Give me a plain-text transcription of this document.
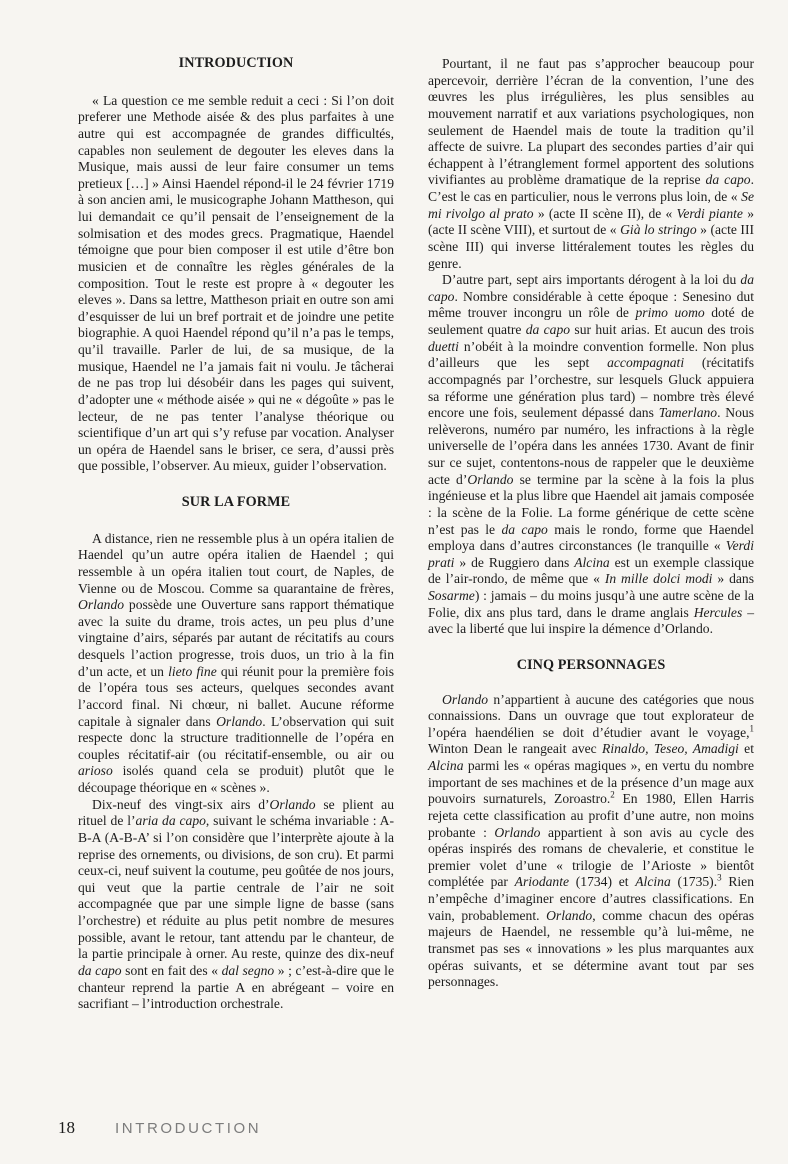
INTRODUCTION

« La question ce me semble reduit a ceci : Si l’on doit preferer une Methode aisée & des plus parfaites à une autre qui est accompagnée de grandes difficultés, capables non seulement de degouter les eleves dans la Musique, mais aussi de leur faire consumer un tems pretieux […] » Ainsi Haendel répond-il le 24 février 1719 à son ancien ami, le musicographe Johann Mattheson, qui lui demandait ce qu’il pensait de l’enseignement de la solmisation et des modes grecs. Pragmatique, Haendel témoigne que pour bien composer il est utile d’être bon musicien et de connaître les règles générales de la composition. Tout le reste est propre à « degouter les eleves ». Dans sa lettre, Mattheson priait en outre son ami d’esquisser de lui un bref portrait et de joindre une petite biographie. A quoi Haendel répond qu’il n’a pas le temps, qu’il travaille. Parler de lui, de sa musique, de la musique, Haendel ne l’a jamais fait ni voulu. Je tâcherai de ne pas trop lui désobéir dans les pages qui suivent, d’adopter une « méthode aisée » qui ne « dégoûte » pas le lecteur, de ne pas tenter l’analyse théorique ou scientifique d’un art qui s’y refuse par vocation. Analyser un opéra de Haendel sans le briser, ce sera, d’aussi près que possible, l’observer. Au mieux, guider l’observation.

SUR LA FORME

A distance, rien ne ressemble plus à un opéra italien de Haendel qu’un autre opéra italien de Haendel ; qui ressemble à un opéra italien tout court, de Naples, de Vienne ou de Moscou. Comme sa quarantaine de frères, Orlando possède une Ouverture sans rapport thématique avec la suite du drame, trois actes, un peu plus d’une vingtaine d’airs, séparés par autant de récitatifs au cours desquels l’action progresse, trois duos, un trio à la fin d’un acte, et un lieto fine qui réunit pour la première fois de l’opéra tous ses acteurs, quelques secondes avant l’accord final. Ni chœur, ni ballet. Aucune réforme capitale à signaler dans Orlando. L’observation qui suit respecte donc la structure traditionnelle de l’opéra en couples récitatif-air (ou récitatif-ensemble, ou air ou arioso isolés quand cela se produit) plutôt que le découpage théorique en « scènes ».

Dix-neuf des vingt-six airs d’Orlando se plient au rituel de l’aria da capo, suivant le schéma invariable : A-B-A (A-B-A’ si l’on considère que l’interprète ajoute à la reprise des ornements, ou divisions, de son cru). Et parmi ceux-ci, neuf suivent la coutume, peu goûtée de nos jours, qui veut que la partie centrale de l’air ne soit accompagnée que par une simple ligne de basse (sans l’orchestre) et réduite au plus petit nombre de mesures possible, avant le retour, tant attendu par le chanteur, de la partie principale à orner. Au reste, quinze des dix-neuf da capo sont en fait des « dal segno » ; c’est-à-dire que le chanteur reprend la partie A en abrégeant – voire en sacrifiant – l’introduction orchestrale.

Pourtant, il ne faut pas s’approcher beaucoup pour apercevoir, derrière l’écran de la convention, l’une des œuvres les plus irrégulières, les plus sensibles au mouvement narratif et aux variations psychologiques, non seulement de Haendel mais de toute la tradition qu’il affecte de suivre. La plupart des secondes parties d’air qui échappent à l’étranglement formel apportent des solutions vivifiantes au problème dramatique de la reprise da capo. C’est le cas en particulier, nous le verrons plus loin, de « Se mi rivolgo al prato » (acte II scène II), de « Verdi piante » (acte II scène VIII), et surtout de « Già lo stringo » (acte III scène III) qui inverse littéralement toutes les règles du genre.

D’autre part, sept airs importants dérogent à la loi du da capo. Nombre considérable à cette époque : Senesino dut même trouver incongru un rôle de primo uomo doté de seulement quatre da capo sur huit arias. Et aucun des trois duetti n’obéit à la moindre convention formelle. Non plus d’ailleurs que les sept accompagnati (récitatifs accompagnés par l’orchestre, sur lesquels Gluck appuiera sa réforme une génération plus tard) – nombre très élevé encore une fois, seulement dépassé dans Tamerlano. Nous relèverons, numéro par numéro, les infractions à la règle universelle de l’opéra dans les années 1730. Avant de finir sur ce sujet, contentons-nous de rappeler que le deuxième acte d’Orlando se termine par la scène à la fois la plus ingénieuse et la plus libre que Haendel ait jamais composée : la scène de la Folie. La forme générique de cette scène n’est pas le da capo mais le rondo, forme que Haendel employa dans d’autres circonstances (le tranquille « Verdi prati » de Ruggiero dans Alcina est un exemple classique de l’air-rondo, de même que « In mille dolci modi » dans Sosarme) : jamais – du moins jusqu’à une autre scène de la Folie, dix ans plus tard, dans le drame anglais Hercules – avec la liberté que lui inspire la démence d’Orlando.

CINQ PERSONNAGES

Orlando n’appartient à aucune des catégories que nous connaissions. Dans un ouvrage que tout explorateur de l’opéra haendélien se doit d’étudier avant le voyage,$^1$ Winton Dean le rangeait avec Rinaldo, Teseo, Amadigi et Alcina parmi les « opéras magiques », en vertu du nombre important de ses machines et de la présence d’un mage aux pouvoirs surnaturels, Zoroastro.$^2$ En 1980, Ellen Harris rejeta cette classification au profit d’une autre, non moins probante : Orlando appartient à son avis au cycle des opéras inspirés des romans de chevalerie, et constitue le premier volet d’une « trilogie de l’Arioste » bientôt complétée par Ariodante (1734) et Alcina (1735).$^3$ Rien n’empêche d’imaginer encore d’autres classifications. En vain, probablement. Orlando, comme chacun des opéras majeurs de Haendel, ne ressemble qu’à lui-même, ne transmet pas ses « innovations » les plus marquantes aux opéras suivants, et se détermine avant tout par ses personnages.

18	INTRODUCTION
